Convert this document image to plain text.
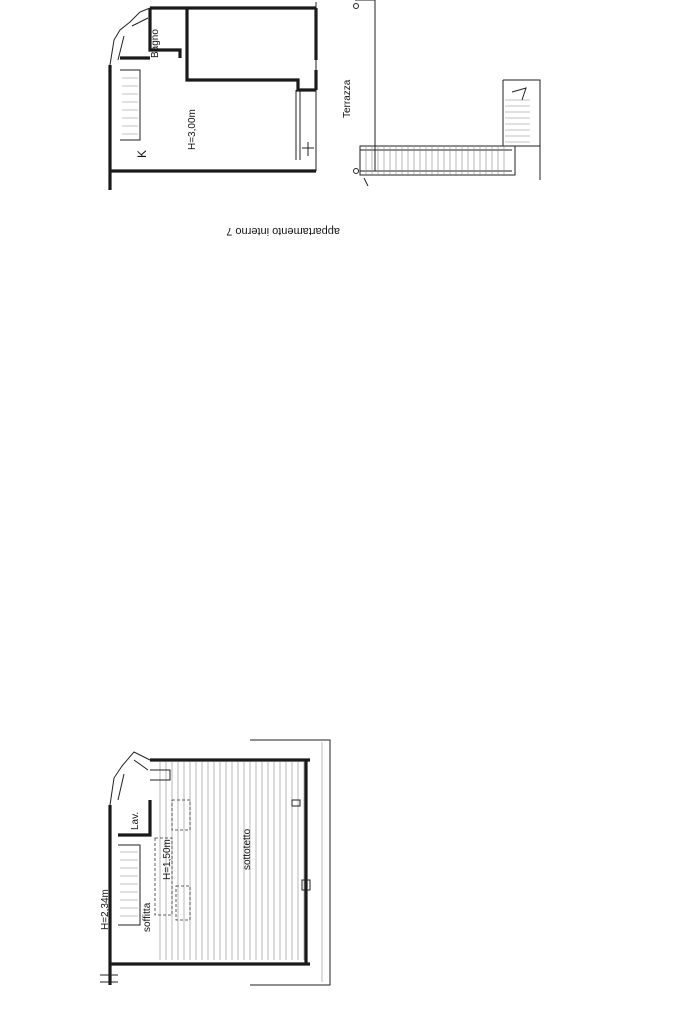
Bagno
Terrazza
K
H=3,00m
appartamento interno 7
Lav.
H=2,34m
H=1,50m
soffitta
sottotetto
